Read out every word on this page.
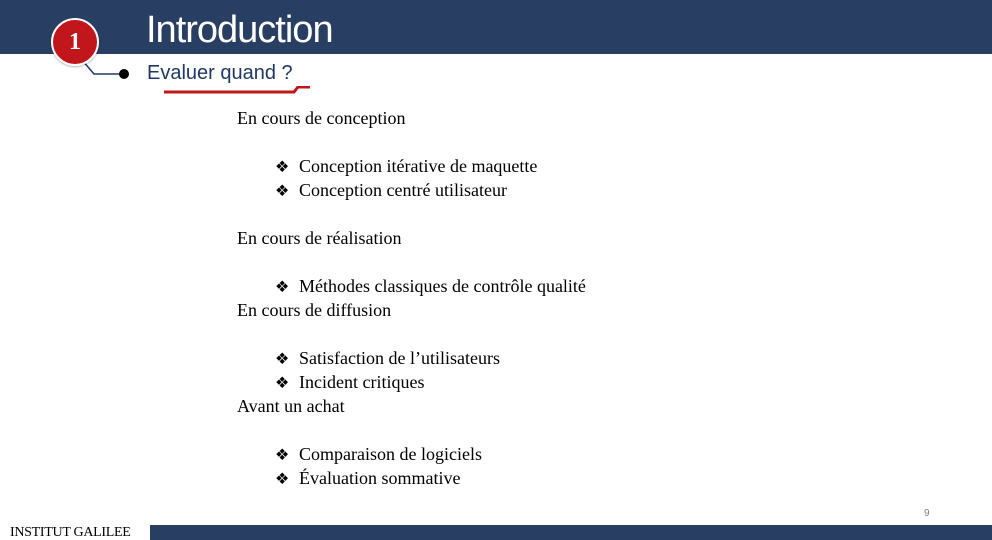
Introduction
1
Evaluer quand ?
En cours de conception
❖ Conception itérative de maquette
❖ Conception centré utilisateur
En cours de réalisation
❖ Méthodes classiques de contrôle qualité
En cours de diffusion
❖ Satisfaction de l’utilisateurs
❖ Incident critiques
Avant un achat
❖ Comparaison de logiciels
❖ Évaluation sommative
9
INSTITUT GALILEE
